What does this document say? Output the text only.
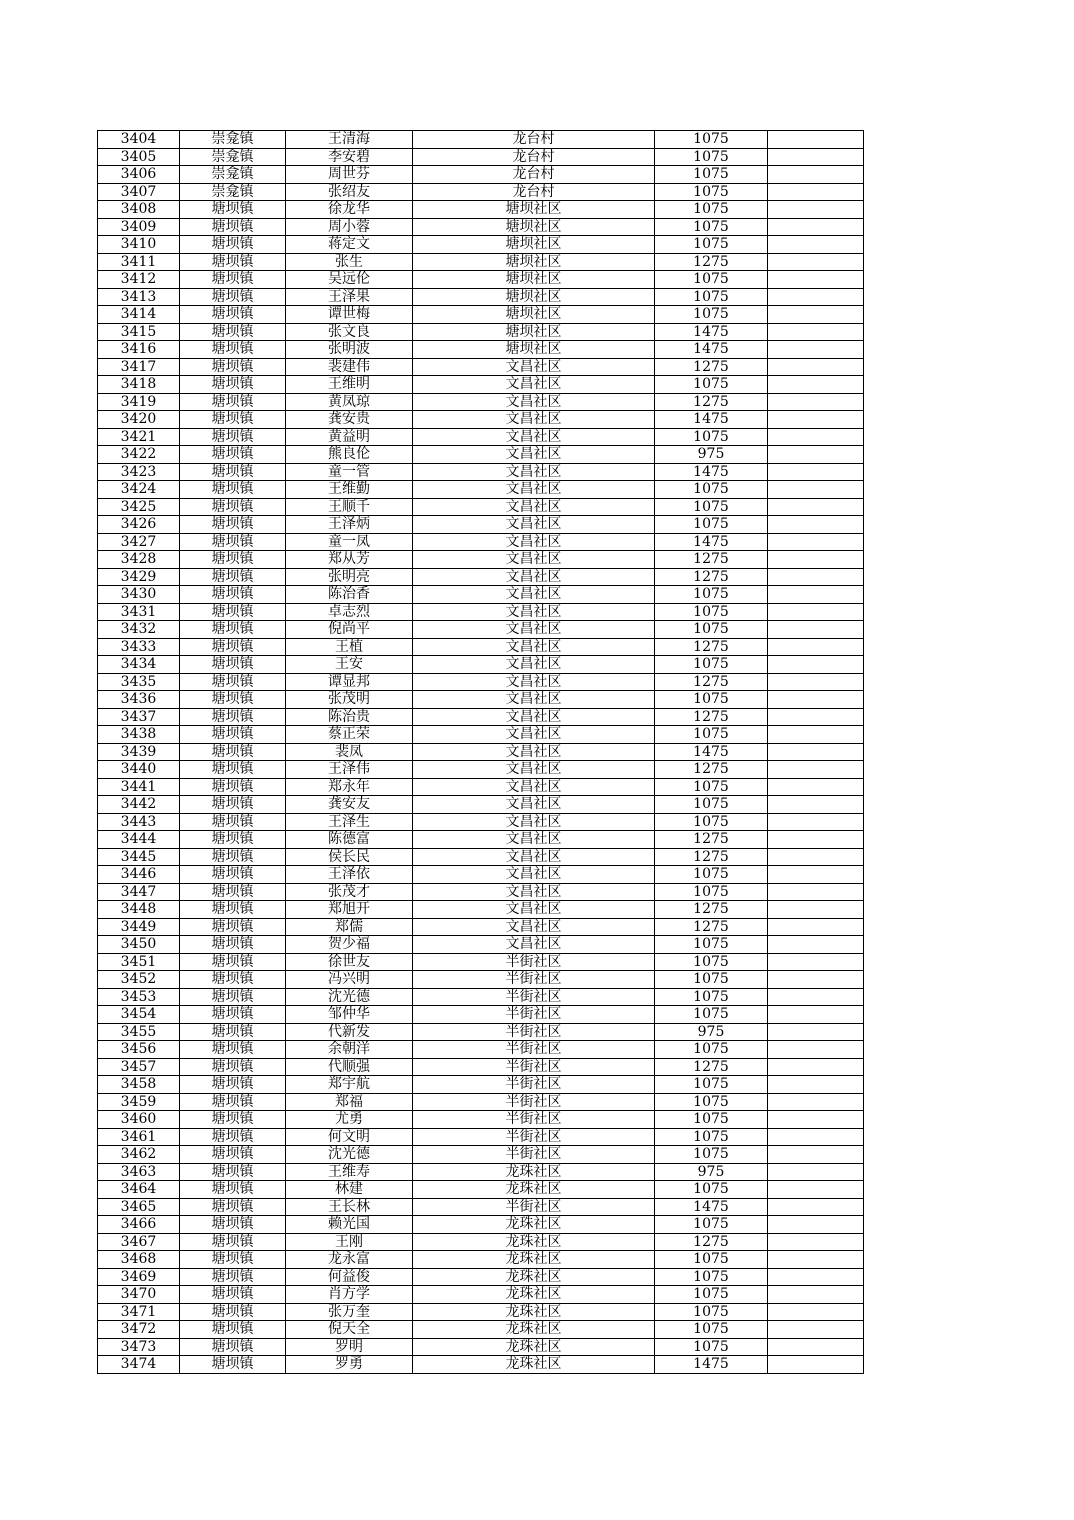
3404	崇龛镇	王清海	龙台村	1075	
3405	崇龛镇	李安碧	龙台村	1075	
3406	崇龛镇	周世芬	龙台村	1075	
3407	崇龛镇	张绍友	龙台村	1075	
3408	塘坝镇	徐龙华	塘坝社区	1075	
3409	塘坝镇	周小蓉	塘坝社区	1075	
3410	塘坝镇	蒋定文	塘坝社区	1075	
3411	塘坝镇	张生	塘坝社区	1275	
3412	塘坝镇	吴远伦	塘坝社区	1075	
3413	塘坝镇	王泽果	塘坝社区	1075	
3414	塘坝镇	谭世梅	塘坝社区	1075	
3415	塘坝镇	张文良	塘坝社区	1475	
3416	塘坝镇	张明波	塘坝社区	1475	
3417	塘坝镇	裴建伟	文昌社区	1275	
3418	塘坝镇	王维明	文昌社区	1075	
3419	塘坝镇	黄凤琼	文昌社区	1275	
3420	塘坝镇	龚安贵	文昌社区	1475	
3421	塘坝镇	黄益明	文昌社区	1075	
3422	塘坝镇	熊良伦	文昌社区	975	
3423	塘坝镇	童一管	文昌社区	1475	
3424	塘坝镇	王维勤	文昌社区	1075	
3425	塘坝镇	王顺千	文昌社区	1075	
3426	塘坝镇	王泽炳	文昌社区	1075	
3427	塘坝镇	童一凤	文昌社区	1475	
3428	塘坝镇	郑从芳	文昌社区	1275	
3429	塘坝镇	张明亮	文昌社区	1275	
3430	塘坝镇	陈治香	文昌社区	1075	
3431	塘坝镇	卓志烈	文昌社区	1075	
3432	塘坝镇	倪尚平	文昌社区	1075	
3433	塘坝镇	王植	文昌社区	1275	
3434	塘坝镇	王安	文昌社区	1075	
3435	塘坝镇	谭显邦	文昌社区	1275	
3436	塘坝镇	张茂明	文昌社区	1075	
3437	塘坝镇	陈治贵	文昌社区	1275	
3438	塘坝镇	蔡正荣	文昌社区	1075	
3439	塘坝镇	裴凤	文昌社区	1475	
3440	塘坝镇	王泽伟	文昌社区	1275	
3441	塘坝镇	郑永年	文昌社区	1075	
3442	塘坝镇	龚安友	文昌社区	1075	
3443	塘坝镇	王泽生	文昌社区	1075	
3444	塘坝镇	陈德富	文昌社区	1275	
3445	塘坝镇	侯长民	文昌社区	1275	
3446	塘坝镇	王泽依	文昌社区	1075	
3447	塘坝镇	张茂才	文昌社区	1075	
3448	塘坝镇	郑旭开	文昌社区	1275	
3449	塘坝镇	郑儒	文昌社区	1275	
3450	塘坝镇	贺少福	文昌社区	1075	
3451	塘坝镇	徐世友	半街社区	1075	
3452	塘坝镇	冯兴明	半街社区	1075	
3453	塘坝镇	沈光德	半街社区	1075	
3454	塘坝镇	邹仲华	半街社区	1075	
3455	塘坝镇	代新发	半街社区	975	
3456	塘坝镇	余朝洋	半街社区	1075	
3457	塘坝镇	代顺强	半街社区	1275	
3458	塘坝镇	郑宇航	半街社区	1075	
3459	塘坝镇	郑福	半街社区	1075	
3460	塘坝镇	尤勇	半街社区	1075	
3461	塘坝镇	何文明	半街社区	1075	
3462	塘坝镇	沈光德	半街社区	1075	
3463	塘坝镇	王维寿	龙珠社区	975	
3464	塘坝镇	林建	龙珠社区	1075	
3465	塘坝镇	王长林	半街社区	1475	
3466	塘坝镇	赖光国	龙珠社区	1075	
3467	塘坝镇	王刚	龙珠社区	1275	
3468	塘坝镇	龙永富	龙珠社区	1075	
3469	塘坝镇	何益俊	龙珠社区	1075	
3470	塘坝镇	肖方学	龙珠社区	1075	
3471	塘坝镇	张万奎	龙珠社区	1075	
3472	塘坝镇	倪天全	龙珠社区	1075	
3473	塘坝镇	罗明	龙珠社区	1075	
3474	塘坝镇	罗勇	龙珠社区	1475	
